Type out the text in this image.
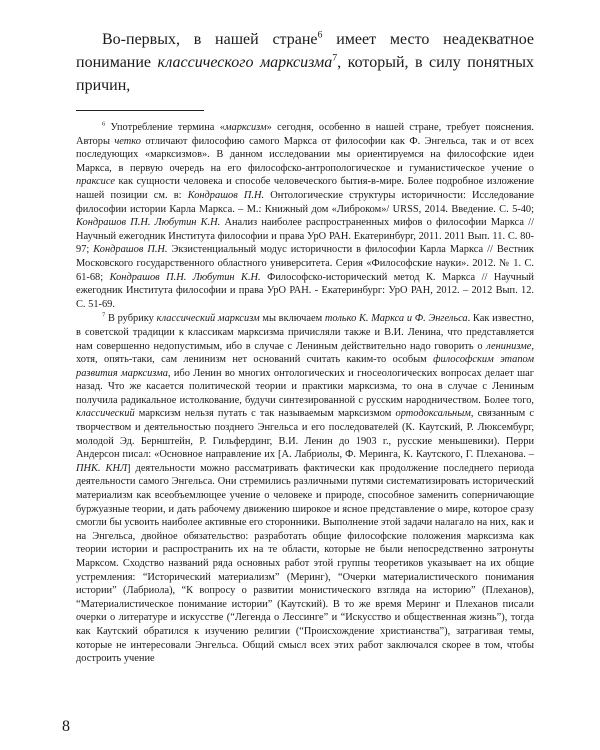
Во-первых, в нашей стране$^6$ имеет место неадекватное понимание классического марксизма$^7$, который, в силу понятных причин,

$^6$ Употребление термина «марксизм» сегодня, особенно в нашей стране, требует пояснения. Авторы четко отличают философию самого Маркса от философии как Ф. Энгельса, так и от всех последующих «марксизмов». В данном исследовании мы ориентируемся на философские идеи Маркса, в первую очередь на его философско-антропологическое и гуманистическое учение о праксисе как сущности человека и способе человеческого бытия-в-мире. Более подробное изложение нашей позиции см. в: Кондрашов П.Н. Онтологические структуры историчности: Исследование философии истории Карла Маркса. – М.: Книжный дом «Либроком»/ URSS, 2014. Введение. С. 5-40; Кондрашов П.Н. Любутин К.Н. Анализ наиболее распространенных мифов о философии Маркса // Научный ежегодник Института философии и права УрО РАН. Екатеринбург, 2011. 2011 Вып. 11. С. 80-97; Кондрашов П.Н. Экзистенциальный модус историчности в философии Карла Маркса // Вестник Московского государственного областного университета. Серия «Философские науки». 2012. № 1. С. 61-68; Кондрашов П.Н. Любутин К.Н. Философско-исторический метод К. Маркса // Научный ежегодник Института философии и права УрО РАН. - Екатеринбург: УрО РАН, 2012. – 2012 Вып. 12. С. 51-69.

$^7$ В рубрику классический марксизм мы включаем только К. Маркса и Ф. Энгельса. Как известно, в советской традиции к классикам марксизма причисляли также и В.И. Ленина, что представляется нам совершенно недопустимым, ибо в случае с Лениным действительно надо говорить о ленинизме, хотя, опять-таки, сам ленинизм нет оснований считать каким-то особым философским этапом развития марксизма, ибо Ленин во многих онтологических и гносеологических вопросах делает шаг назад. Что же касается политической теории и практики марксизма, то она в случае с Лениным получила радикальное истолкование, будучи синтезированной с русским народничеством. Более того, классический марксизм нельзя путать с так называемым марксизмом ортодоксальным, связанным с творчеством и деятельностью позднего Энгельса и его последователей (К. Каутский, Р. Люксембург, молодой Эд. Бернштейн, Р. Гильфердинг, В.И. Ленин до 1903 г., русские меньшевики). Перри Андерсон писал: «Основное направление их [А. Лабриолы, Ф. Меринга, К. Каутского, Г. Плеханова. – ПНК. КНЛ] деятельности можно рассматривать фактически как продолжение последнего периода деятельности самого Энгельса. Они стремились различными путями систематизировать исторический материализм как всеобъемлющее учение о человеке и природе, способное заменить соперничающие буржуазные теории, и дать рабочему движению широкое и ясное представление о мире, которое сразу смогли бы усвоить наиболее активные его сторонники. Выполнение этой задачи налагало на них, как и на Энгельса, двойное обязательство: разработать общие философские положения марксизма как теории истории и распространить их на те области, которые не были непосредственно затронуты Марксом. Сходство названий ряда основных работ этой группы теоретиков указывает на их общие устремления: “Исторический материализм” (Меринг), “Очерки материалистического понимания истории” (Лабриола), “К вопросу о развитии монистического взгляда на историю” (Плеханов), “Материалистическое понимание истории” (Каутский). В то же время Меринг и Плеханов писали очерки о литературе и искусстве (“Легенда о Лессинге” и “Искусство и общественная жизнь”), тогда как Каутский обратился к изучению религии (“Происхождение христианства”), затрагивая темы, которые не интересовали Энгельса. Общий смысл всех этих работ заключался скорее в том, чтобы достроить учение

8
